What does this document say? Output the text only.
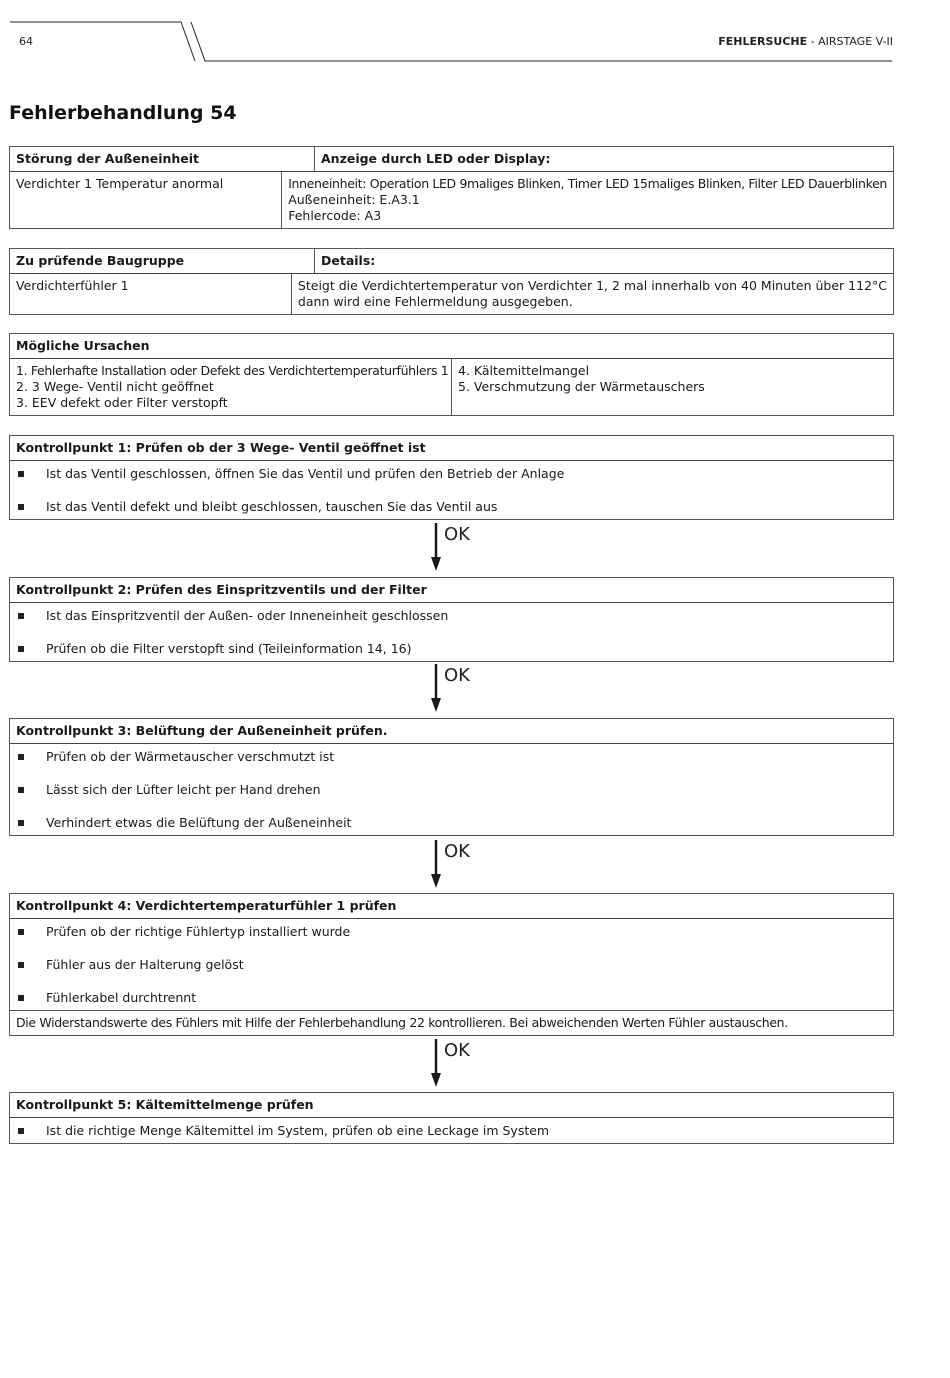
64	FEHLERSUCHE - AIRSTAGE V-II
Fehlerbehandlung 54
Störung der Außeneinheit	Anzeige durch LED oder Display:
Verdichter 1 Temperatur anormal	Inneneinheit: Operation LED 9maliges Blinken, Timer LED 15maliges Blinken, Filter LED Dauerblinken
Außeneinheit: E.A3.1
Fehlercode: A3
Zu prüfende Baugruppe	Details:
Verdichterfühler 1	Steigt die Verdichtertemperatur von Verdichter 1, 2 mal innerhalb von 40 Minuten über 112°C
dann wird eine Fehlermeldung ausgegeben.
Mögliche Ursachen
1. Fehlerhafte Installation oder Defekt des Verdichtertemperaturfühlers 1
2. 3 Wege- Ventil nicht geöffnet
3. EEV defekt oder Filter verstopft
4. Kältemittelmangel
5. Verschmutzung der Wärmetauschers
Kontrollpunkt 1: Prüfen ob der 3 Wege- Ventil geöffnet ist
Ist das Ventil geschlossen, öffnen Sie das Ventil und prüfen den Betrieb der Anlage
Ist das Ventil defekt und bleibt geschlossen, tauschen Sie das Ventil aus
OK
Kontrollpunkt 2: Prüfen des Einspritzventils und der Filter
Ist das Einspritzventil der Außen- oder Inneneinheit geschlossen
Prüfen ob die Filter verstopft sind (Teileinformation 14, 16)
OK
Kontrollpunkt 3: Belüftung der Außeneinheit prüfen.
Prüfen ob der Wärmetauscher verschmutzt ist
Lässt sich der Lüfter leicht per Hand drehen
Verhindert etwas die Belüftung der Außeneinheit
OK
Kontrollpunkt 4: Verdichtertemperaturfühler 1 prüfen
Prüfen ob der richtige Fühlertyp installiert wurde
Fühler aus der Halterung gelöst
Fühlerkabel durchtrennt
Die Widerstandswerte des Fühlers mit Hilfe der Fehlerbehandlung 22 kontrollieren. Bei abweichenden Werten Fühler austauschen.
OK
Kontrollpunkt 5: Kältemittelmenge prüfen
Ist die richtige Menge Kältemittel im System, prüfen ob eine Leckage im System
